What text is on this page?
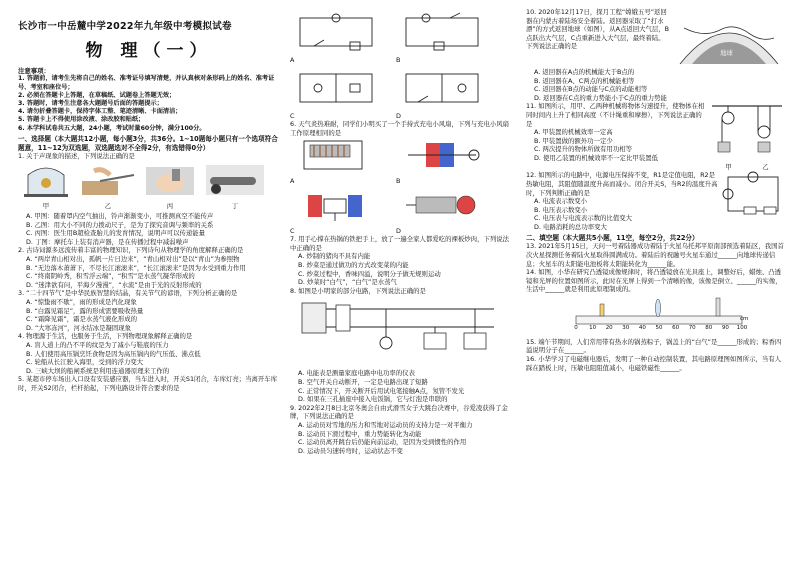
长沙市一中岳麓中学2022年九年级中考模拟试卷

物 理（一）

注意事项：

1. 答题前，请考生先将自己的姓名、准考证号填写清楚，并认真核对条形码上的姓名、准考证号、考室和座位号；

2. 必须在答题卡上答题，在草稿纸、试题卷上答题无效；

3. 答题时，请考生注意各大题题号后面的答题提示；

4. 请勿折叠答题卡，保持字体工整、笔迹清晰、卡面清洁；

5. 答题卡上不得使用涂改液、涂改胶和贴纸；

6. 本学科试卷共五大题，24小题，考试时量60分钟，满分100分。

一、选择题（本大题共12小题，每小题3分，共36分。1~10题每小题只有一个选项符合题意，11~12为双选题，双选题选对不全得2分，有选错得0分）

1. 关于声现象的描述，下列说法正确的是

甲	乙	丙	丁

A. 甲图：随着罩内空气抽出，铃声渐渐变小，可推测真空不能传声

B. 乙图：用大小不同的力拨动尺子，是为了探究音调与频率的关系

C. 丙图：医生用B超检查胎儿的发育情况，说明声可以传递能量

D. 丁图：摩托车上装有消声器，是在传播过程中减弱噪声

2. 古诗词源多远流传着丰富的物理知识，下列诗句从物理学的角度解释正确的是

A. “两岸青山相对出，孤帆一片日边来”，“青山相对出”是以“青山”为参照物

B. “无边落木萧萧下，不尽长江滚滚来”，“长江滚滚来”是因为水受到重力作用

C. “终南阴岭秀，积雪浮云端”，“积雪”是水蒸气凝华形成的

D. “迷津欲有问，平海夕漫漫”，“水流”是由于光的反射形成的

3. “二十四节气”是中华民族智慧的结晶，有关节气的谚语，下列分析正确的是

A. “惊蛰雨不歇”，雨的形成是汽化现象

B. “白露见霜足”，露的形成需要吸收热量

C. “霜降见霜”，霜是水蒸气液化形成的

D. “大寒冻河”，河水结冰是凝固现象

4. 物理源于生活，也服务于生活，下列物理现象解释正确的是

A. 盲人道上的凸不平的纹是为了减小与鞋底的压力

B. 人们使用高压锅烹饪食物是因为高压锅内的气压低、沸点低

C. 轮船从长江驶入海里，受到的浮力变大

D. 三峡大坝的船闸系统是利用连通器原理来工作的

5. 某超市停车场出入口设有安装感应器，当车进入时，开关S1闭合，车库灯亮；当离开车库时，开关S2闭合，栏杆抬起，下列电路设计符合要求的是

A	B
C	D

6. 天气炎热难耐，同学们小明买了一个手持式充电小风扇，下列与充电小风扇工作原理相同的是

A	B
C	D

7. 用手心撑在热锅的铁把手上，放了一遍全家人都爱吃的裸板炒肉，下列说法中正确的是

A. 炒制的猪肉不具有内能

B. 炒菜是通过做功的方式改变菜的内能

C. 炒菜过程中，香味四溢，说明分子做无规则运动

D. 炒菜时“白气”，“白气”是水蒸气

8. 如图是小明家的部分电路，下列说法正确的是

A. 电能表是测量家庭电路中电功率的仪表

B. 空气开关自动断开，一定是电路出现了短路

C. 正常情况下，开关断开后用试电笔接触A点，氖管不发光

D. 如果在三孔插座中接入电饭锅，它与灯泡是串联的

9. 2022年2月8日北京冬奥会自由式滑雪女子大跳台决赛中，谷爱凌获得了金牌，下列说法正确的是

A. 运动员对雪地的压力和雪地对运动员的支持力是一对平衡力

B. 运动员下滑过程中，重力势能转化为动能

C. 运动员离开跳台后仍能向前运动，是因为受到惯性的作用

D. 运动员匀速转弯时，运动状态不变

10. 2020年12月17日，探月工程“嫦娥五号”返回器在内蒙古着陆场安全着陆。返回器采取了“打水漂”的方式返回地球（如图），从A点返回大气层，B点跃出大气层，C点重新进入大气层，最终着陆。下列说法正确的是

地球

A. 返回器在A点的机械能大于B点的

B. 返回器在A、C两点的机械能相等

C. 返回器在B点的动能与C点的动能相等

D. 返回器在C点的重力势能小于C点的重力势能

11. 如图所示，用甲、乙两种机械将物体匀速提升，使物体在相同时间内上升了相同高度（不计绳重和摩擦），下列说法正确的是

A. 甲装置的机械效率一定高

B. 甲装置做的额外功一定少

C. 两次提升的物体所做有用功相等

D. 使用乙装置的机械效率不一定比甲装置低

甲	乙

12. 如图所示的电路中，电源电压保持不变，R1是定值电阻，R2是热敏电阻，其阻值随温度升高而减小。闭合开关S，当R2的温度升高时，下列判断正确的是

A. 电流表示数变小

B. 电压表示数变小

C. 电压表与电流表示数的比值变大

D. 电路消耗的总功率变大

二、填空题（本大题共5小题，11空，每空2分，共22分）

13. 2021年5月15日，天问一号着陆器成功着陆于火星乌托邦平原南部预选着陆区，我国首次火星探测任务着陆火星取得圆满成功。着陆后的祝融号火星车通过______向地球传递信息；火星车的太阳能电池板将太阳能转化为______能。

14. 如图，小华在研究凸透镜成像规律时，将凸透镜放在光具座上，调整好后，蜡烛、凸透镜和光屏的位置如图所示，此时在光屏上得到一个清晰的像，该像是倒立、______的实像，生活中______就是利用此原理制成的。

0 10 20 30 40 50 60 70 80 90 100
cm

15. 端午节期间，人们常用带有热水的锅蒸粽子，锅盖上的“白气”是______形成的；粽香四溢说明分子在______。

16. 小华学习了电磁继电器后，发明了一种自动控制装置，其电路原理图如图所示，当有人踩在踏板上时，压敏电阻阻值减小，电磁铁磁性______。
